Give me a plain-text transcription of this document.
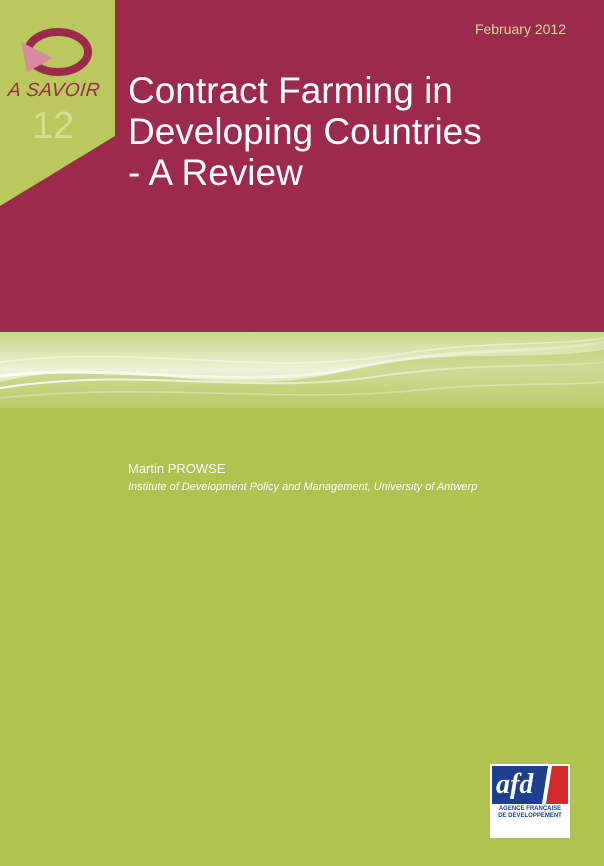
A SAVOIR
12
February 2012
Contract Farming in
Developing Countries
- A Review
Martin PROWSE
Institute of Development Policy and Management, University of Antwerp
afd
AGENCE FRANÇAISE
DE DÉVELOPPEMENT
